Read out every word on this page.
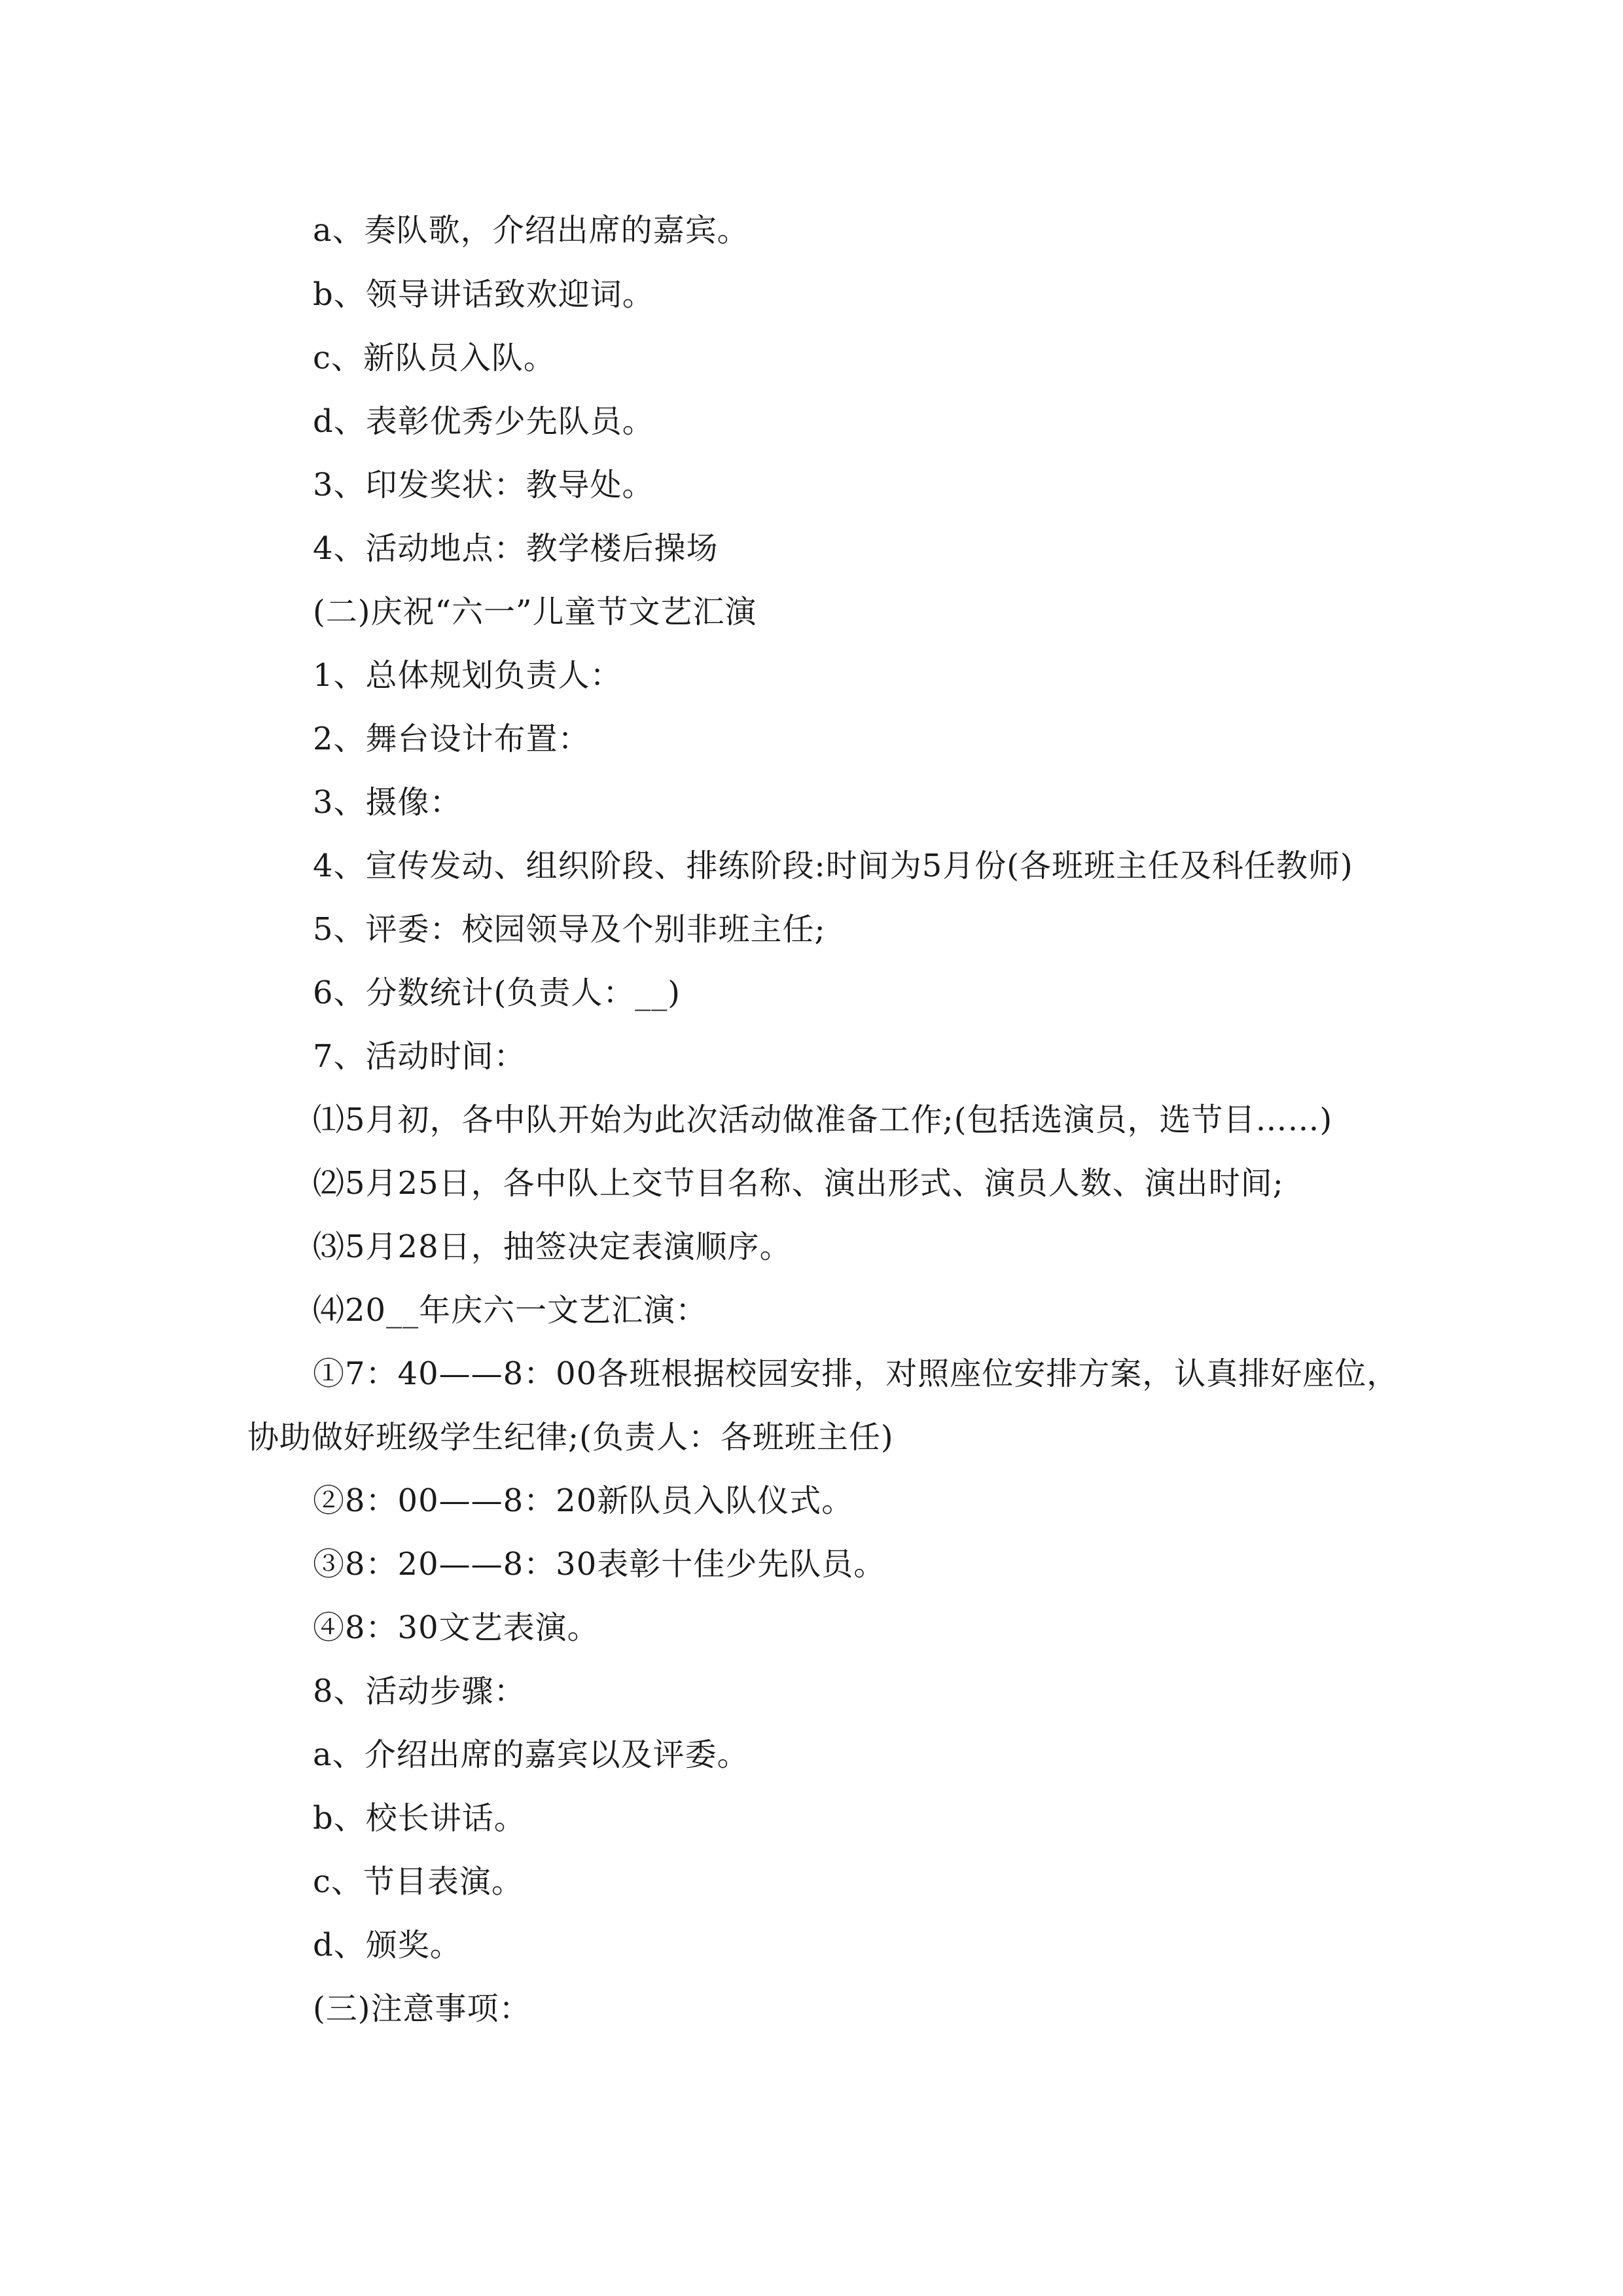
a、奏队歌，介绍出席的嘉宾。
b、领导讲话致欢迎词。
c、新队员入队。
d、表彰优秀少先队员。
3、印发奖状：教导处。
4、活动地点：教学楼后操场
(二)庆祝“六一”儿童节文艺汇演
1、总体规划负责人：
2、舞台设计布置：
3、摄像：
4、宣传发动、组织阶段、排练阶段:时间为5月份(各班班主任及科任教师)
5、评委：校园领导及个别非班主任;
6、分数统计(负责人：__)
7、活动时间：
⑴5月初，各中队开始为此次活动做准备工作;(包括选演员，选节目……)
⑵5月25日，各中队上交节目名称、演出形式、演员人数、演出时间;
⑶5月28日，抽签决定表演顺序。
⑷20__年庆六一文艺汇演：
①7：40——8：00各班根据校园安排，对照座位安排方案，认真排好座位，
协助做好班级学生纪律;(负责人：各班班主任)
②8：00——8：20新队员入队仪式。
③8：20——8：30表彰十佳少先队员。
④8：30文艺表演。
8、活动步骤：
a、介绍出席的嘉宾以及评委。
b、校长讲话。
c、节目表演。
d、颁奖。
(三)注意事项：
